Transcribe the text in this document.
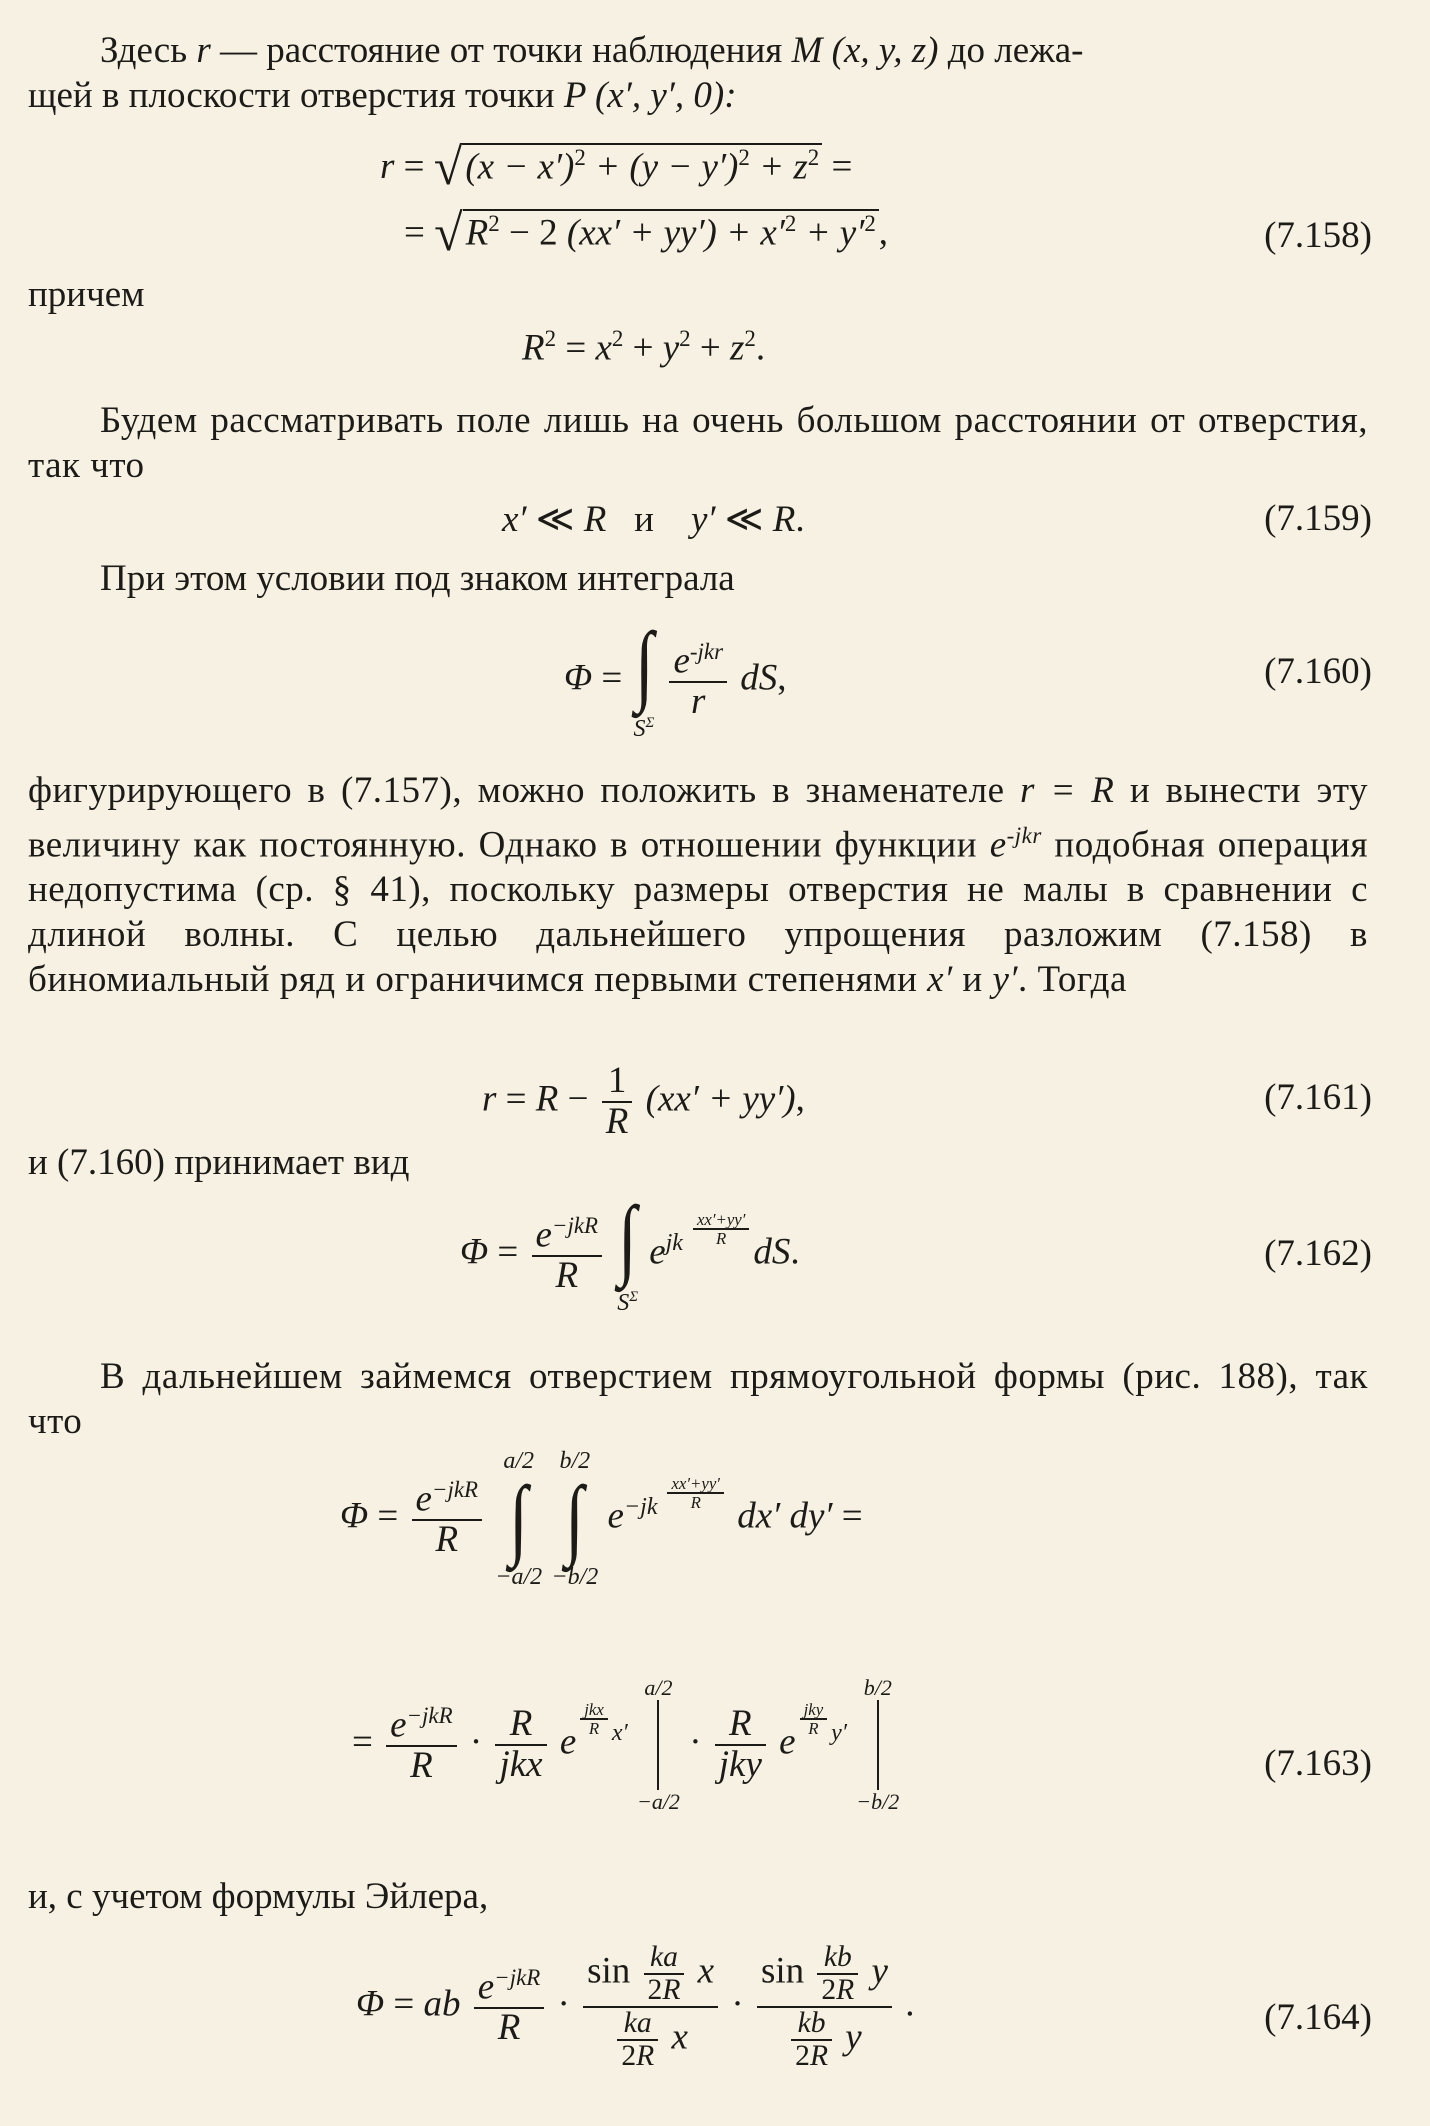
Здесь r — расстояние от точки наблюдения M (x, y, z) до лежа-
щей в плоскости отверстия точки P (x′, y′, 0):
$r = √(x - x')^2 + (y - y')^2 + z^2$ =
= $√R^2 - 2$ $(xx' + yy') + x'^2 + y'^2$,	(7.158)
причем
$R^2 = x^2 + y^2 + z^2$.
Будем рассматривать поле лишь на очень большом расстоянии от отверстия, так что
x′ ≪ R   и    y′ ≪ R.	(7.159)
При этом условии под знаком интеграла
Φ = ∫
$S^\Sigma$

$\frac{e^{-jkr}}{r}$ dS,	(7.160)
фигурирующего в (7.157), можно положить в знаменателе r = R и вынести эту величину как постоянную. Однако в отношении функции $e^{-jkr}$ подобная операция недопустима (ср. § 41), поскольку размеры отверстия не малы в сравнении с длиной волны. С целью дальнейшего упрощения разложим (7.158) в биномиальный ряд и ограничимся первыми степенями x′ и y′. Тогда
$r = R - \frac{1}{R} (xx' + yy')$,	(7.161)
и (7.160) принимает вид
$\Phi = \frac{e^{-jkR}}{R}$
∫
$S^\Sigma$
$e^{jk \frac{xx'+yy'}{R}}$
dS.	(7.162)
В дальнейшем займемся отверстием прямоугольной формы (рис. 188), так что
$\Phi = \frac{e^{-jkR}}{R}$

a/2
∫
−a/2

b/2
∫
−b/2
$e^{-jk \frac{xx'+yy'}{R}}$
dx′ dy′ =
= $\frac{e^{-jkR}}{R} \cdot \frac{R}{\text{jkx}}$ e
$^{\frac{\text{jkx}}{R} x'}$
a/2
−a/2
· $\frac{R}{\text{jky}}$ e
$^{\frac{\text{jky}}{R} y'}$
b/2
−b/2
(7.163)
и, с учетом формулы Эйлера,
Φ = ab $\frac{e^{-jkR}}{R} \cdot \frac{\sin \frac{ka}{2R} x}{\frac{ka}{2R} x} \cdot \frac{\sin \frac{kb}{2R} y}{\frac{kb}{2R} y}$ .	(7.164)
